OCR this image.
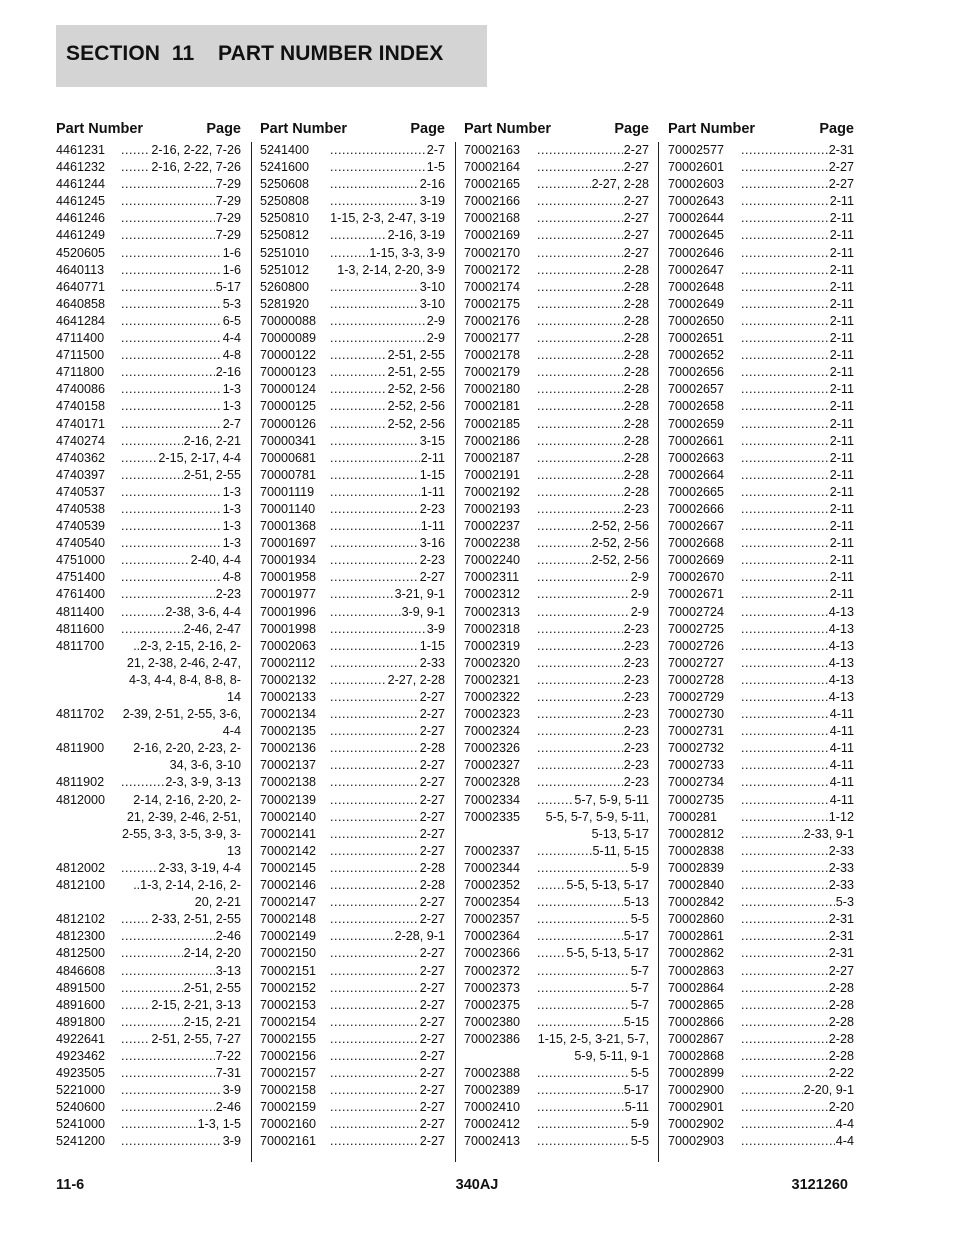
SECTION  11    PART NUMBER INDEX
Part Number	Page
4461231 .....	2-16, 2-22, 7-26
4461232 .....	2-16, 2-22, 7-26
4461244 .....	7-29
4461245 .....	7-29
4461246 .....	7-29
4461249 .....	7-29
4520605 .....	1-6
4640113 .....	1-6
4640771 .....	5-17
4640858 .....	5-3
4641284 .....	6-5
4711400 .....	4-4
4711500 .....	4-8
4711800 .....	2-16
4740086 .....	1-3
4740158 .....	1-3
4740171 .....	2-7
4740274 .....	2-16, 2-21
4740362 .....	2-15, 2-17, 4-4
4740397 .....	2-51, 2-55
4740537 .....	1-3
4740538 .....	1-3
4740539 .....	1-3
4740540 .....	1-3
4751000 .....	2-40, 4-4
4751400 .....	4-8
4761400 .....	2-23
4811400 .....	2-38, 3-6, 4-4
4811600 .....	2-46, 2-47
4811700	..2-3, 2-15, 2-16, 2-21, 2-38, 2-46, 2-47, 4-3, 4-4, 8-4, 8-8, 8-14
4811702 2-39, 2-51, 2-55, 3-6, 4-4
4811900	2-16, 2-20, 2-23, 2-34, 3-6, 3-10
4811902 .....	2-3, 3-9, 3-13
4812000	2-14, 2-16, 2-20, 2-21, 2-39, 2-46, 2-51, 2-55, 3-3, 3-5, 3-9, 3-13
4812002 .....	2-33, 3-19, 4-4
4812100	..1-3, 2-14, 2-16, 2-20, 2-21
4812102 .....	2-33, 2-51, 2-55
4812300 .....	2-46
4812500 .....	2-14, 2-20
4846608 .....	3-13
4891500 .....	2-51, 2-55
4891600 .....	2-15, 2-21, 3-13
4891800 .....	2-15, 2-21
4922641 .....	2-51, 2-55, 7-27
4923462 .....	7-22
4923505 .....	7-31
5221000 .....	3-9
5240600 .....	2-46
5241000 .....	1-3, 1-5
5241200 .....	3-9
Part Number	Page
5241400 .....	2-7
5241600 .....	1-5
5250608 .....	2-16
5250808 .....	3-19
5250810 1-15, 2-3, 2-47, 3-19
5250812 .....	2-16, 3-19
5251010 .....	1-15, 3-3, 3-9
5251012	1-3, 2-14, 2-20, 3-9
5260800 .....	3-10
5281920 .....	3-10
70000088 .....	2-9
70000089 .....	2-9
70000122 .....	2-51, 2-55
70000123 .....	2-51, 2-55
70000124 .....	2-52, 2-56
70000125 .....	2-52, 2-56
70000126 .....	2-52, 2-56
70000341 .....	3-15
70000681 .....	2-11
70000781 .....	1-15
70001119 .....	1-11
70001140 .....	2-23
70001368 .....	1-11
70001697 .....	3-16
70001934 .....	2-23
70001958 .....	2-27
70001977 .....	3-21, 9-1
70001996 .....	3-9, 9-1
70001998 .....	3-9
70002063 .....	1-15
70002112 .....	2-33
70002132 .....	2-27, 2-28
70002133 .....	2-27
70002134 .....	2-27
70002135 .....	2-27
70002136 .....	2-28
70002137 .....	2-27
70002138 .....	2-27
70002139 .....	2-27
70002140 .....	2-27
70002141 .....	2-27
70002142 .....	2-27
70002145 .....	2-28
70002146 .....	2-28
70002147 .....	2-27
70002148 .....	2-27
70002149 .....	2-28, 9-1
70002150 .....	2-27
70002151 .....	2-27
70002152 .....	2-27
70002153 .....	2-27
70002154 .....	2-27
70002155 .....	2-27
70002156 .....	2-27
70002157 .....	2-27
70002158 .....	2-27
70002159 .....	2-27
70002160 .....	2-27
70002161 .....	2-27
Part Number	Page
70002163 .....	2-27
70002164 .....	2-27
70002165 .....	2-27, 2-28
70002166 .....	2-27
70002168 .....	2-27
70002169 .....	2-27
70002170 .....	2-27
70002172 .....	2-28
70002174 .....	2-28
70002175 .....	2-28
70002176 .....	2-28
70002177 .....	2-28
70002178 .....	2-28
70002179 .....	2-28
70002180 .....	2-28
70002181 .....	2-28
70002185 .....	2-28
70002186 .....	2-28
70002187 .....	2-28
70002191 .....	2-28
70002192 .....	2-28
70002193 .....	2-23
70002237 .....	2-52, 2-56
70002238 .....	2-52, 2-56
70002240 .....	2-52, 2-56
70002311 .....	2-9
70002312 .....	2-9
70002313 .....	2-9
70002318 .....	2-23
70002319 .....	2-23
70002320 .....	2-23
70002321 .....	2-23
70002322 .....	2-23
70002323 .....	2-23
70002324 .....	2-23
70002326 .....	2-23
70002327 .....	2-23
70002328 .....	2-23
70002334 .....	5-7, 5-9, 5-11
70002335	5-5, 5-7, 5-9, 5-11, 5-13, 5-17
70002337 .....	5-11, 5-15
70002344 .....	5-9
70002352 .....	5-5, 5-13, 5-17
70002354 .....	5-13
70002357 .....	5-5
70002364 .....	5-17
70002366 .....	5-5, 5-13, 5-17
70002372 .....	5-7
70002373 .....	5-7
70002375 .....	5-7
70002380 .....	5-15
70002386 1-15, 2-5, 3-21, 5-7, 5-9, 5-11, 9-1
70002388 .....	5-5
70002389 .....	5-17
70002410 .....	5-11
70002412 .....	5-9
70002413 .....	5-5
Part Number	Page
70002577 .....	2-31
70002601 .....	2-27
70002603 .....	2-27
70002643 .....	2-11
70002644 .....	2-11
70002645 .....	2-11
70002646 .....	2-11
70002647 .....	2-11
70002648 .....	2-11
70002649 .....	2-11
70002650 .....	2-11
70002651 .....	2-11
70002652 .....	2-11
70002656 .....	2-11
70002657 .....	2-11
70002658 .....	2-11
70002659 .....	2-11
70002661 .....	2-11
70002663 .....	2-11
70002664 .....	2-11
70002665 .....	2-11
70002666 .....	2-11
70002667 .....	2-11
70002668 .....	2-11
70002669 .....	2-11
70002670 .....	2-11
70002671 .....	2-11
70002724 .....	4-13
70002725 .....	4-13
70002726 .....	4-13
70002727 .....	4-13
70002728 .....	4-13
70002729 .....	4-13
70002730 .....	4-11
70002731 .....	4-11
70002732 .....	4-11
70002733 .....	4-11
70002734 .....	4-11
70002735 .....	4-11
7000281 .....	1-12
70002812 .....	2-33, 9-1
70002838 .....	2-33
70002839 .....	2-33
70002840 .....	2-33
70002842 .....	5-3
70002860 .....	2-31
70002861 .....	2-31
70002862 .....	2-31
70002863 .....	2-27
70002864 .....	2-28
70002865 .....	2-28
70002866 .....	2-28
70002867 .....	2-28
70002868 .....	2-28
70002899 .....	2-22
70002900 .....	2-20, 9-1
70002901 .....	2-20
70002902 .....	4-4
70002903 .....	4-4
11-6	340AJ	3121260
